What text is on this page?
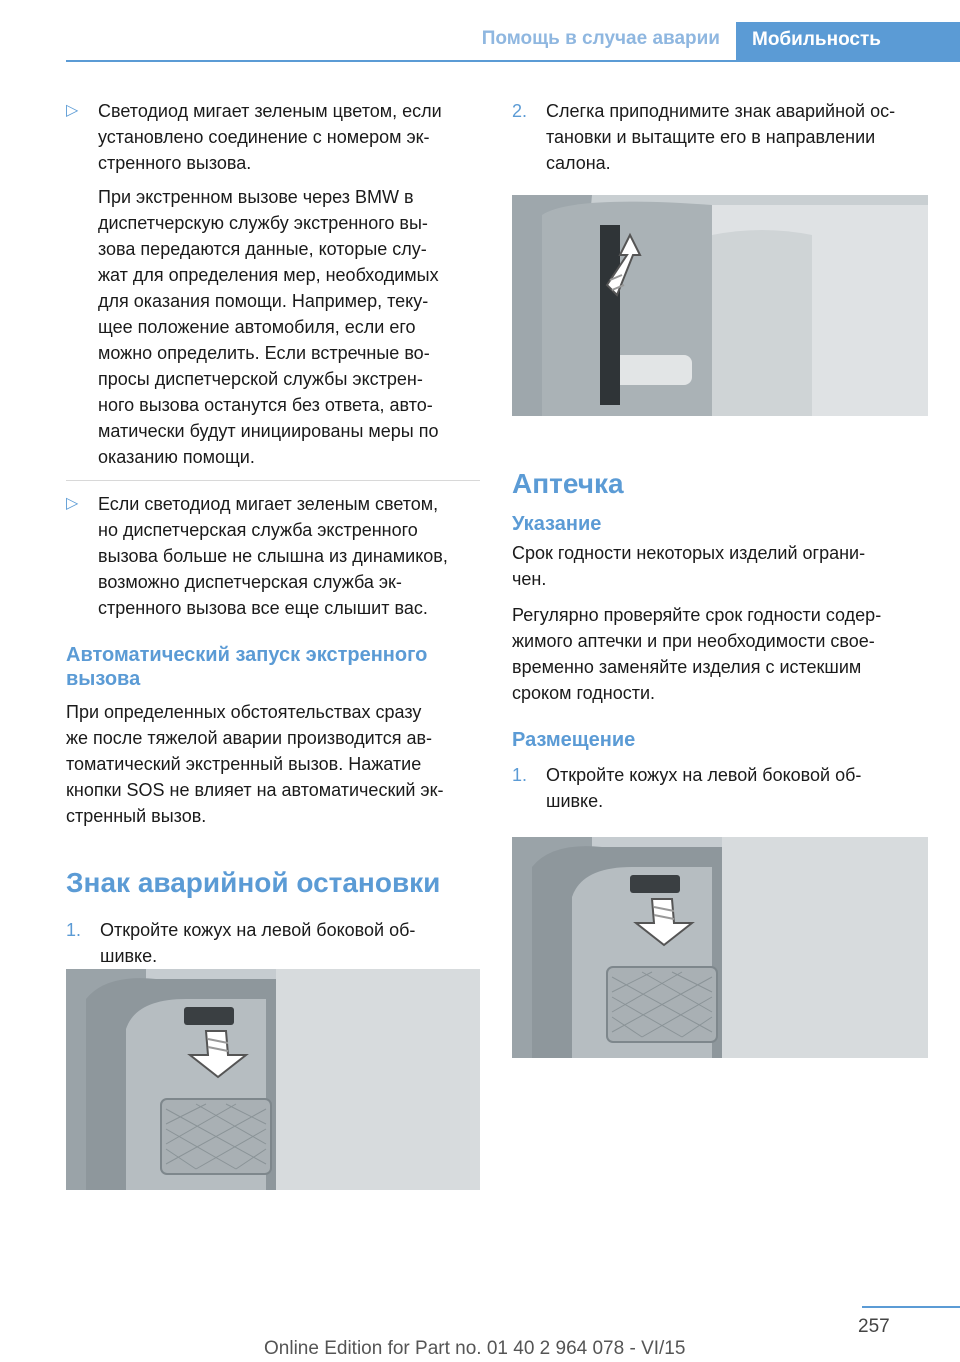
Помощь в случае аварии Мобильность
▷ Светодиод мигает зеленым цветом, если
установлено соединение с номером эк-
стренного вызова.
При экстренном вызове через BMW в
диспетчерскую службу экстренного вы-
зова передаются данные, которые слу-
жат для определения мер, необходимых
для оказания помощи. Например, теку-
щее положение автомобиля, если его
можно определить. Если встречные во-
просы диспетчерской службы экстрен-
ного вызова останутся без ответа, авто-
матически будут инициированы меры по
оказанию помощи.
▷ Если светодиод мигает зеленым светом,
но диспетчерская служба экстренного
вызова больше не слышна из динамиков,
возможно диспетчерская служба эк-
стренного вызова все еще слышит вас.
Автоматический запуск экстренного
вызова
При определенных обстоятельствах сразу
же после тяжелой аварии производится ав-
томатический экстренный вызов. Нажатие
кнопки SOS не влияет на автоматический эк-
стренный вызов.
Знак аварийной остановки
1. Откройте кожух на левой боковой об-
шивке.
2. Слегка приподнимите знак аварийной ос-
тановки и вытащите его в направлении
салона.
Аптечка
Указание
Срок годности некоторых изделий ограни-
чен.
Регулярно проверяйте срок годности содер-
жимого аптечки и при необходимости свое-
временно заменяйте изделия с истекшим
сроком годности.
Размещение
1. Откройте кожух на левой боковой об-
шивке.
257
Online Edition for Part no. 01 40 2 964 078 - VI/15
